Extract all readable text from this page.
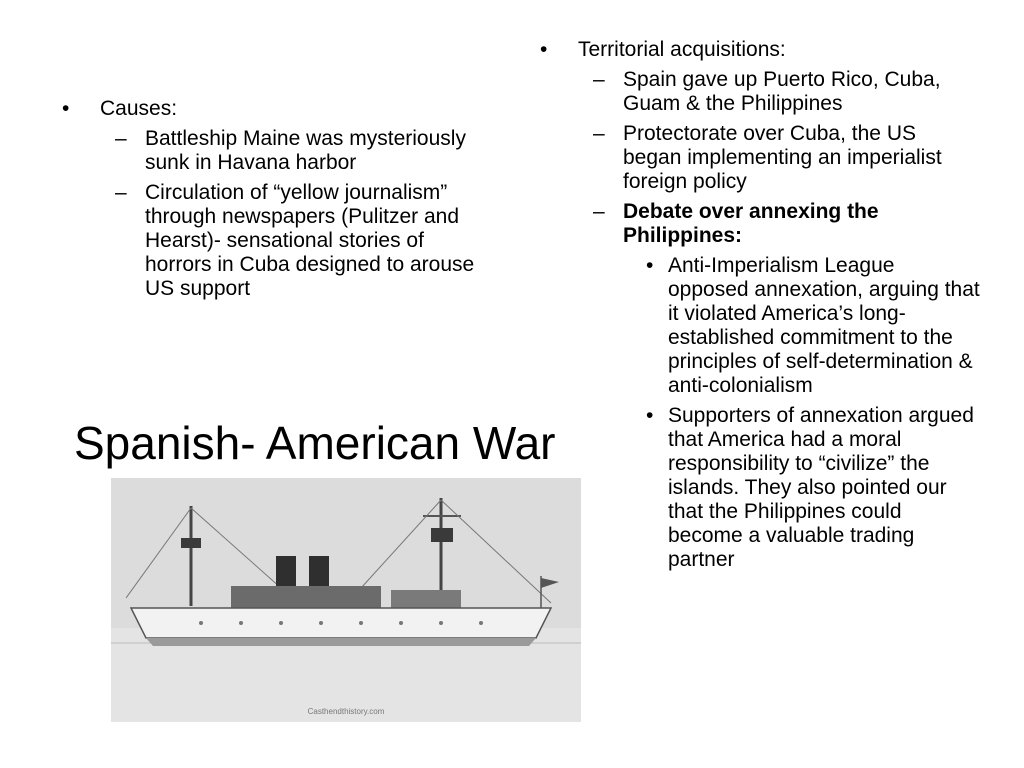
• Causes:
– Battleship Maine was mysteriously sunk in Havana harbor
– Circulation of “yellow journalism” through newspapers (Pulitzer and Hearst)- sensational stories of horrors in Cuba designed to arouse US support
• Territorial acquisitions:
– Spain gave up Puerto Rico, Cuba, Guam & the Philippines
– Protectorate over Cuba, the US began implementing an imperialist foreign policy
– Debate over annexing the Philippines:
• Anti-Imperialism League opposed annexation, arguing that it violated America’s long-established commitment to the principles of self-determination & anti-colonialism
• Supporters of annexation argued that America had a moral responsibility to “civilize” the islands. They also pointed our that the Philippines could become a valuable trading partner
Spanish- American War
Casthendthistory.com
